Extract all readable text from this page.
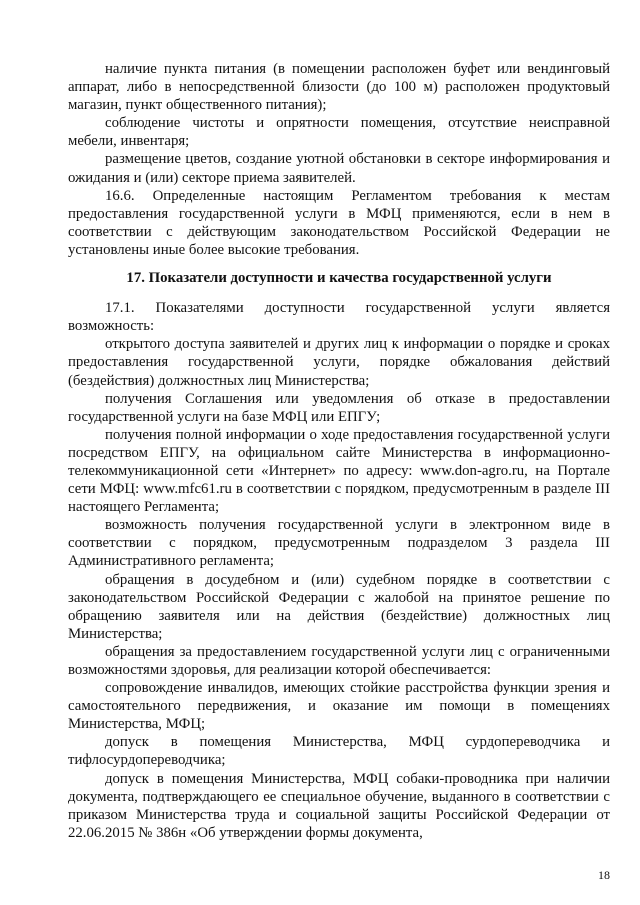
наличие пункта питания (в помещении расположен буфет или вендинговый аппарат, либо в непосредственной близости (до 100 м) расположен продуктовый магазин, пункт общественного питания);

соблюдение чистоты и опрятности помещения, отсутствие неисправной мебели, инвентаря;

размещение цветов, создание уютной обстановки в секторе информирования и ожидания и (или) секторе приема заявителей.

16.6. Определенные настоящим Регламентом требования к местам предоставления государственной услуги в МФЦ применяются, если в нем в соответствии с действующим законодательством Российской Федерации не установлены иные более высокие требования.

17. Показатели доступности и качества государственной услуги

17.1. Показателями доступности государственной услуги является возможность:

открытого доступа заявителей и других лиц к информации о порядке и сроках предоставления государственной услуги, порядке обжалования действий (бездействия) должностных лиц Министерства;

получения Соглашения или уведомления об отказе в предоставлении государственной услуги на базе МФЦ или ЕПГУ;

получения полной информации о ходе предоставления государственной услуги посредством ЕПГУ, на официальном сайте Министерства в информационно-телекоммуникационной сети «Интернет» по адресу: www.don-agro.ru, на Портале сети МФЦ: www.mfc61.ru в соответствии с порядком, предусмотренным в разделе III настоящего Регламента;

возможность получения государственной услуги в электронном виде в соответствии с порядком, предусмотренным подразделом 3 раздела III Административного регламента;

обращения в досудебном и (или) судебном порядке в соответствии с законодательством Российской Федерации с жалобой на принятое решение по обращению заявителя или на действия (бездействие) должностных лиц Министерства;

обращения за предоставлением государственной услуги лиц с ограниченными возможностями здоровья, для реализации которой обеспечивается:

сопровождение инвалидов, имеющих стойкие расстройства функции зрения и самостоятельного передвижения, и оказание им помощи в помещениях Министерства, МФЦ;

допуск в помещения Министерства, МФЦ сурдопереводчика и тифлосурдопереводчика;

допуск в помещения Министерства, МФЦ собаки-проводника при наличии документа, подтверждающего ее специальное обучение, выданного в соответствии с приказом Министерства труда и социальной защиты Российской Федерации от 22.06.2015 № 386н «Об утверждении формы документа,

18
